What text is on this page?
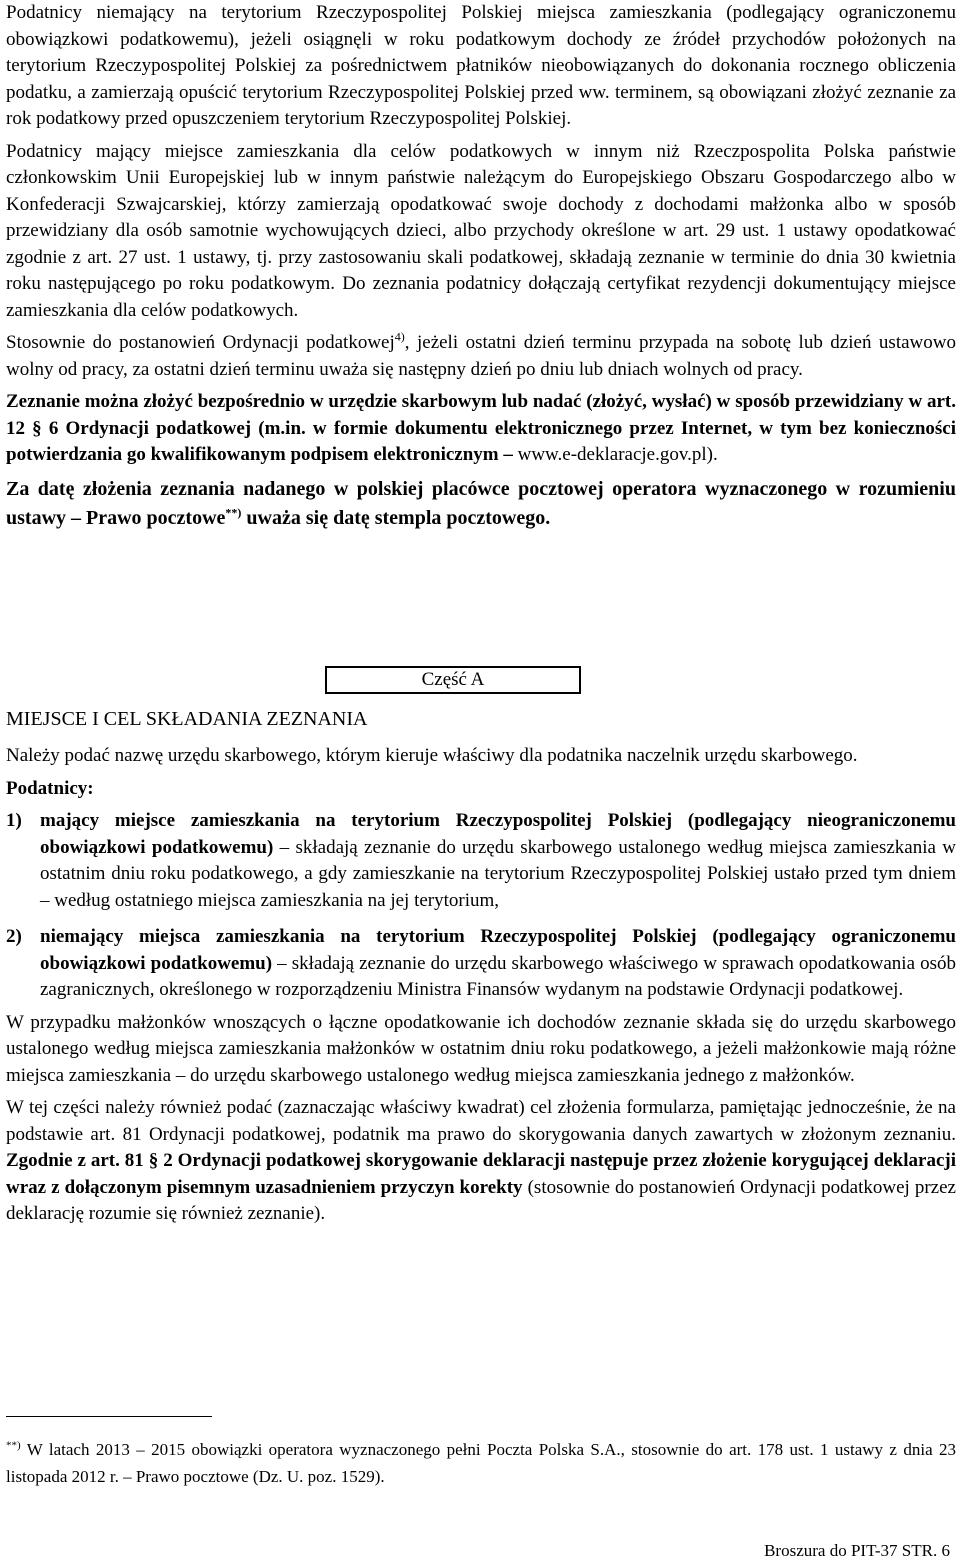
Podatnicy niemający na terytorium Rzeczypospolitej Polskiej miejsca zamieszkania (podlegający ograniczonemu obowiązkowi podatkowemu), jeżeli osiągnęli w roku podatkowym dochody ze źródeł przychodów położonych na terytorium Rzeczypospolitej Polskiej za pośrednictwem płatników nieobowiązanych do dokonania rocznego obliczenia podatku, a zamierzają opuścić terytorium Rzeczypospolitej Polskiej przed ww. terminem, są obowiązani złożyć zeznanie za rok podatkowy przed opuszczeniem terytorium Rzeczypospolitej Polskiej.

Podatnicy mający miejsce zamieszkania dla celów podatkowych w innym niż Rzeczpospolita Polska państwie członkowskim Unii Europejskiej lub w innym państwie należącym do Europejskiego Obszaru Gospodarczego albo w Konfederacji Szwajcarskiej, którzy zamierzają opodatkować swoje dochody z dochodami małżonka albo w sposób przewidziany dla osób samotnie wychowujących dzieci, albo przychody określone w art. 29 ust. 1 ustawy opodatkować zgodnie z art. 27 ust. 1 ustawy, tj. przy zastosowaniu skali podatkowej, składają zeznanie w terminie do dnia 30 kwietnia roku następującego po roku podatkowym. Do zeznania podatnicy dołączają certyfikat rezydencji dokumentujący miejsce zamieszkania dla celów podatkowych.

Stosownie do postanowień Ordynacji podatkowej$^{4)}$, jeżeli ostatni dzień terminu przypada na sobotę lub dzień ustawowo wolny od pracy, za ostatni dzień terminu uważa się następny dzień po dniu lub dniach wolnych od pracy.

Zeznanie można złożyć bezpośrednio w urzędzie skarbowym lub nadać (złożyć, wysłać) w sposób przewidziany w art. 12 § 6 Ordynacji podatkowej (m.in. w formie dokumentu elektronicznego przez Internet, w tym bez konieczności potwierdzania go kwalifikowanym podpisem elektronicznym – www.e-deklaracje.gov.pl).

Za datę złożenia zeznania nadanego w polskiej placówce pocztowej operatora wyznaczonego w rozumieniu ustawy – Prawo pocztowe**) uważa się datę stempla pocztowego.

Część A

MIEJSCE I CEL SKŁADANIA ZEZNANIA

Należy podać nazwę urzędu skarbowego, którym kieruje właściwy dla podatnika naczelnik urzędu skarbowego.

Podatnicy:

1) mający miejsce zamieszkania na terytorium Rzeczypospolitej Polskiej (podlegający nieograniczonemu obowiązkowi podatkowemu) – składają zeznanie do urzędu skarbowego ustalonego według miejsca zamieszkania w ostatnim dniu roku podatkowego, a gdy zamieszkanie na terytorium Rzeczypospolitej Polskiej ustało przed tym dniem – według ostatniego miejsca zamieszkania na jej terytorium,
2) niemający miejsca zamieszkania na terytorium Rzeczypospolitej Polskiej (podlegający ograniczonemu obowiązkowi podatkowemu) – składają zeznanie do urzędu skarbowego właściwego w sprawach opodatkowania osób zagranicznych, określonego w rozporządzeniu Ministra Finansów wydanym na podstawie Ordynacji podatkowej.

W przypadku małżonków wnoszących o łączne opodatkowanie ich dochodów zeznanie składa się do urzędu skarbowego ustalonego według miejsca zamieszkania małżonków w ostatnim dniu roku podatkowego, a jeżeli małżonkowie mają różne miejsca zamieszkania – do urzędu skarbowego ustalonego według miejsca zamieszkania jednego z małżonków.

W tej części należy również podać (zaznaczając właściwy kwadrat) cel złożenia formularza, pamiętając jednocześnie, że na podstawie art. 81 Ordynacji podatkowej, podatnik ma prawo do skorygowania danych zawartych w złożonym zeznaniu. Zgodnie z art. 81 § 2 Ordynacji podatkowej skorygowanie deklaracji następuje przez złożenie korygującej deklaracji wraz z dołączonym pisemnym uzasadnieniem przyczyn korekty (stosownie do postanowień Ordynacji podatkowej przez deklarację rozumie się również zeznanie).

**) W latach 2013 – 2015 obowiązki operatora wyznaczonego pełni Poczta Polska S.A., stosownie do art. 178 ust. 1 ustawy z dnia 23 listopada 2012 r. – Prawo pocztowe (Dz. U. poz. 1529).
Broszura do PIT-37 STR. 6
